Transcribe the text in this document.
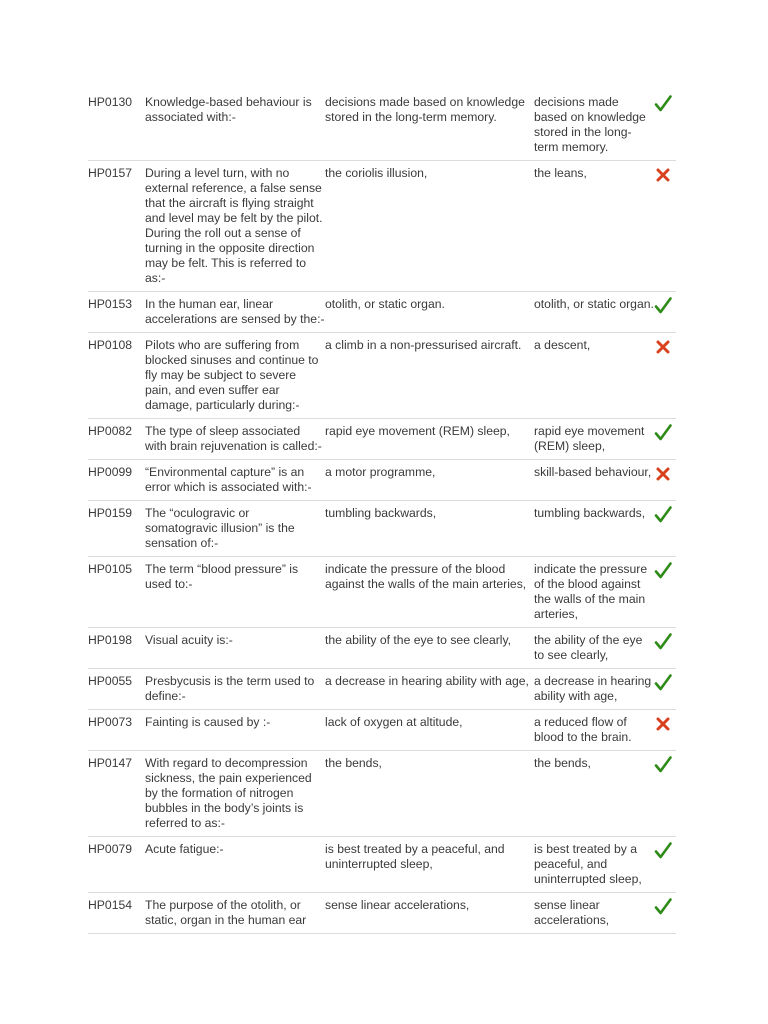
HP0130	Knowledge-based behaviour is associated with:-	decisions made based on knowledge stored in the long-term memory.	decisions made based on knowledge stored in the long-term memory.	

HP0157	During a level turn, with no external reference, a false sense that the aircraft is flying straight and level may be felt by the pilot. During the roll out a sense of turning in the opposite direction may be felt. This is referred to as:-	the coriolis illusion,	the leans,	

HP0153	In the human ear, linear accelerations are sensed by the:-	otolith, or static organ.	otolith, or static organ.	

HP0108	Pilots who are suffering from blocked sinuses and continue to fly may be subject to severe pain, and even suffer ear damage, particularly during:-	a climb in a non-pressurised aircraft.	a descent,	

HP0082	The type of sleep associated with brain rejuvenation is called:-	rapid eye movement (REM) sleep,	rapid eye movement (REM) sleep,	

HP0099	“Environmental capture” is an error which is associated with:-	a motor programme,	skill-based behaviour,	

HP0159	The “oculogravic or somatogravic illusion” is the sensation of:-	tumbling backwards,	tumbling backwards,	

HP0105	The term “blood pressure” is used to:-	indicate the pressure of the blood against the walls of the main arteries,	indicate the pressure of the blood against the walls of the main arteries,	

HP0198	Visual acuity is:-	the ability of the eye to see clearly,	the ability of the eye to see clearly,	

HP0055	Presbycusis is the term used to define:-	a decrease in hearing ability with age,	a decrease in hearing ability with age,	

HP0073	Fainting is caused by :-	lack of oxygen at altitude,	a reduced flow of blood to the brain.	

HP0147	With regard to decompression sickness, the pain experienced by the formation of nitrogen bubbles in the body’s joints is referred to as:-	the bends,	the bends,	

HP0079	Acute fatigue:-	is best treated by a peaceful, and uninterrupted sleep,	is best treated by a peaceful, and uninterrupted sleep,	

HP0154	The purpose of the otolith, or static, organ in the human ear	sense linear accelerations,	sense linear accelerations,	
